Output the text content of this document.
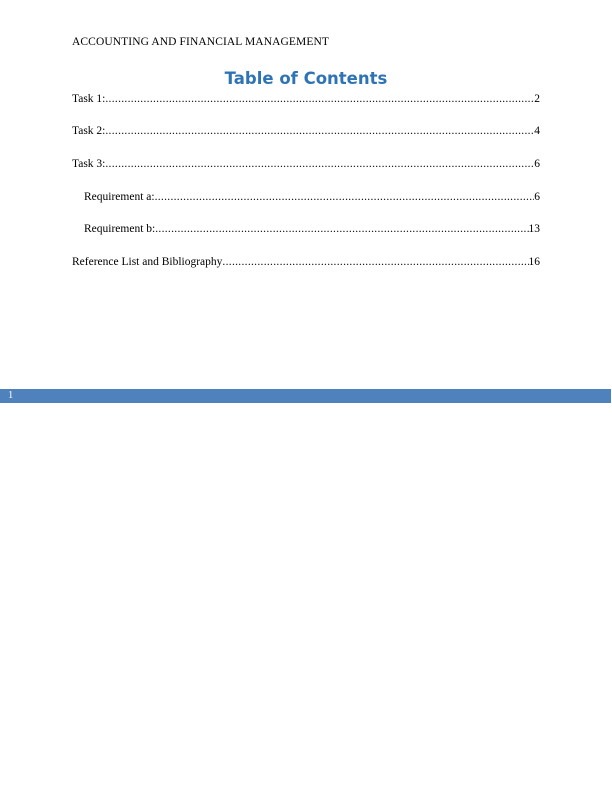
ACCOUNTING AND FINANCIAL MANAGEMENT
Table of Contents
Task 1: .....	2
Task 2: .....	4
Task 3: .....	6
Requirement a: .....	6
Requirement b: .....	13
Reference List and Bibliography .....	16
1
